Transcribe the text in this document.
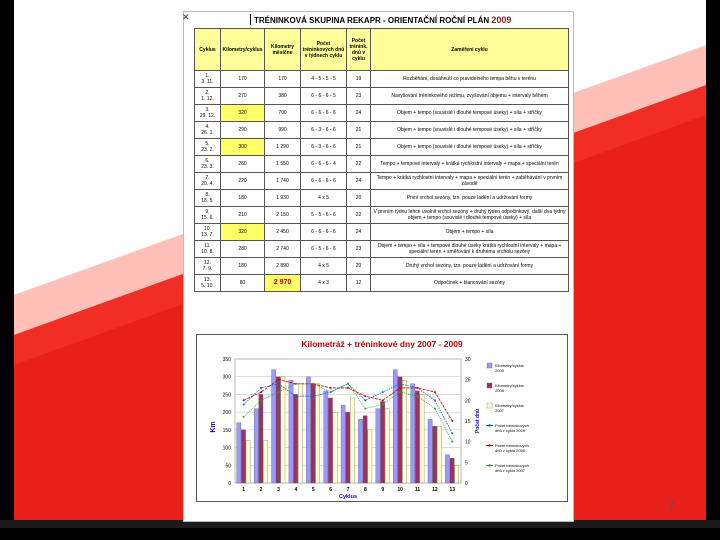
TRÉNINKOVÁ SKUPINA REKAPR - ORIENTAČNÍ ROČNÍ PLÁN 2009
Cyklus	Kilometry/cyklus	Kilometry měsíčne	Počet tréninkových dnů v týdnech cyklu	Počet trénink. dnů v cyklu	Zaměření cyklu
1.
3. 11.	170	170	4 - 5 - 5 - 5	19	Rozběhání, dosáhnutí co pravidelného tempa běhu v terénu
2.
1. 12.	270	380	6 - 6 - 6 - 5	23	Navyšování tréninkového režimu, zvyšování objemu + intervaly během
3.
29. 12.	320	700	6 - 6 - 6 - 6	24	Objem + tempo (souvislé i dlouhé tempové úseky) + síla + stříčky
4.
26. 1.	290	990	6 - 3 - 6 - 6	21	Objem + tempo (souvislé i dlouhé tempové úseky) + síla + stříčky
5.
23. 2.	300	1 290	6 - 3 - 6 - 6	21	Objem + tempo (souvislé i dlouhé tempové úseky) + síla + stříčky
6.
23. 3.	260	1 550	6 - 6 - 6 - 4	22	Tempo + tempové intervaly + krátká rychlostní intervaly + mapa + speciální terén
7.
20. 4.	220	1 740	6 - 6 - 6 - 6	24	Tempo + krátká rychlostní intervaly + mapa + speciální terén + zaběhávání v prvním závodě
8.
18. 5.	180	1 930	4 x 5	20	První vrchol sezóny, tzn. pouze ladění a udržování formy
9.
15. 6.	210	2 150	5 - 5 - 6 - 6	22	V prvním týdnu lehce uvolnit vrchol sezóny + druhý týden odpočinkový, další dva týdny objem + tempo (souvislé i dlouhé tempové úseky) + síla
10.
13. 7.	320	2 450	6 - 6 - 6 - 6	24	Objem + tempo + síla
11.
10. 8.	280	2 740	6 - 5 - 6 - 6	23	Objem + tempo + síla + tempové dlouhé úseky krátká rychlostní intervaly + mapa + speciální terén + směřování k druhému vrcholu sezóny
12.
7. 9.	180	2 890	4 x 5	20	Druhý vrchol sezóny, tzn. pouze ladění a udržování formy
13.
5. 10.	80	2 970	4 x 3	12	Odpočinek + blancování sezóny
Kilometráž + tréninkové dny 2007 - 2009
0
50
100
150
200
250
300
350
0
5
10
15
20
25
30
1	2	3	4	5	6	7	8	9	10 11 12 13
Km	Počet dnů
Cyklus
Kilometry/cyklus 2009
Kilometry/cyklus 2008
Kilometry/cyklus 2007
Počet tréninkových dnů v cyklu 2009
Počet tréninkových dnů v cyklu 2008
Počet tréninkových dnů v cyklu 2007
✕
7
